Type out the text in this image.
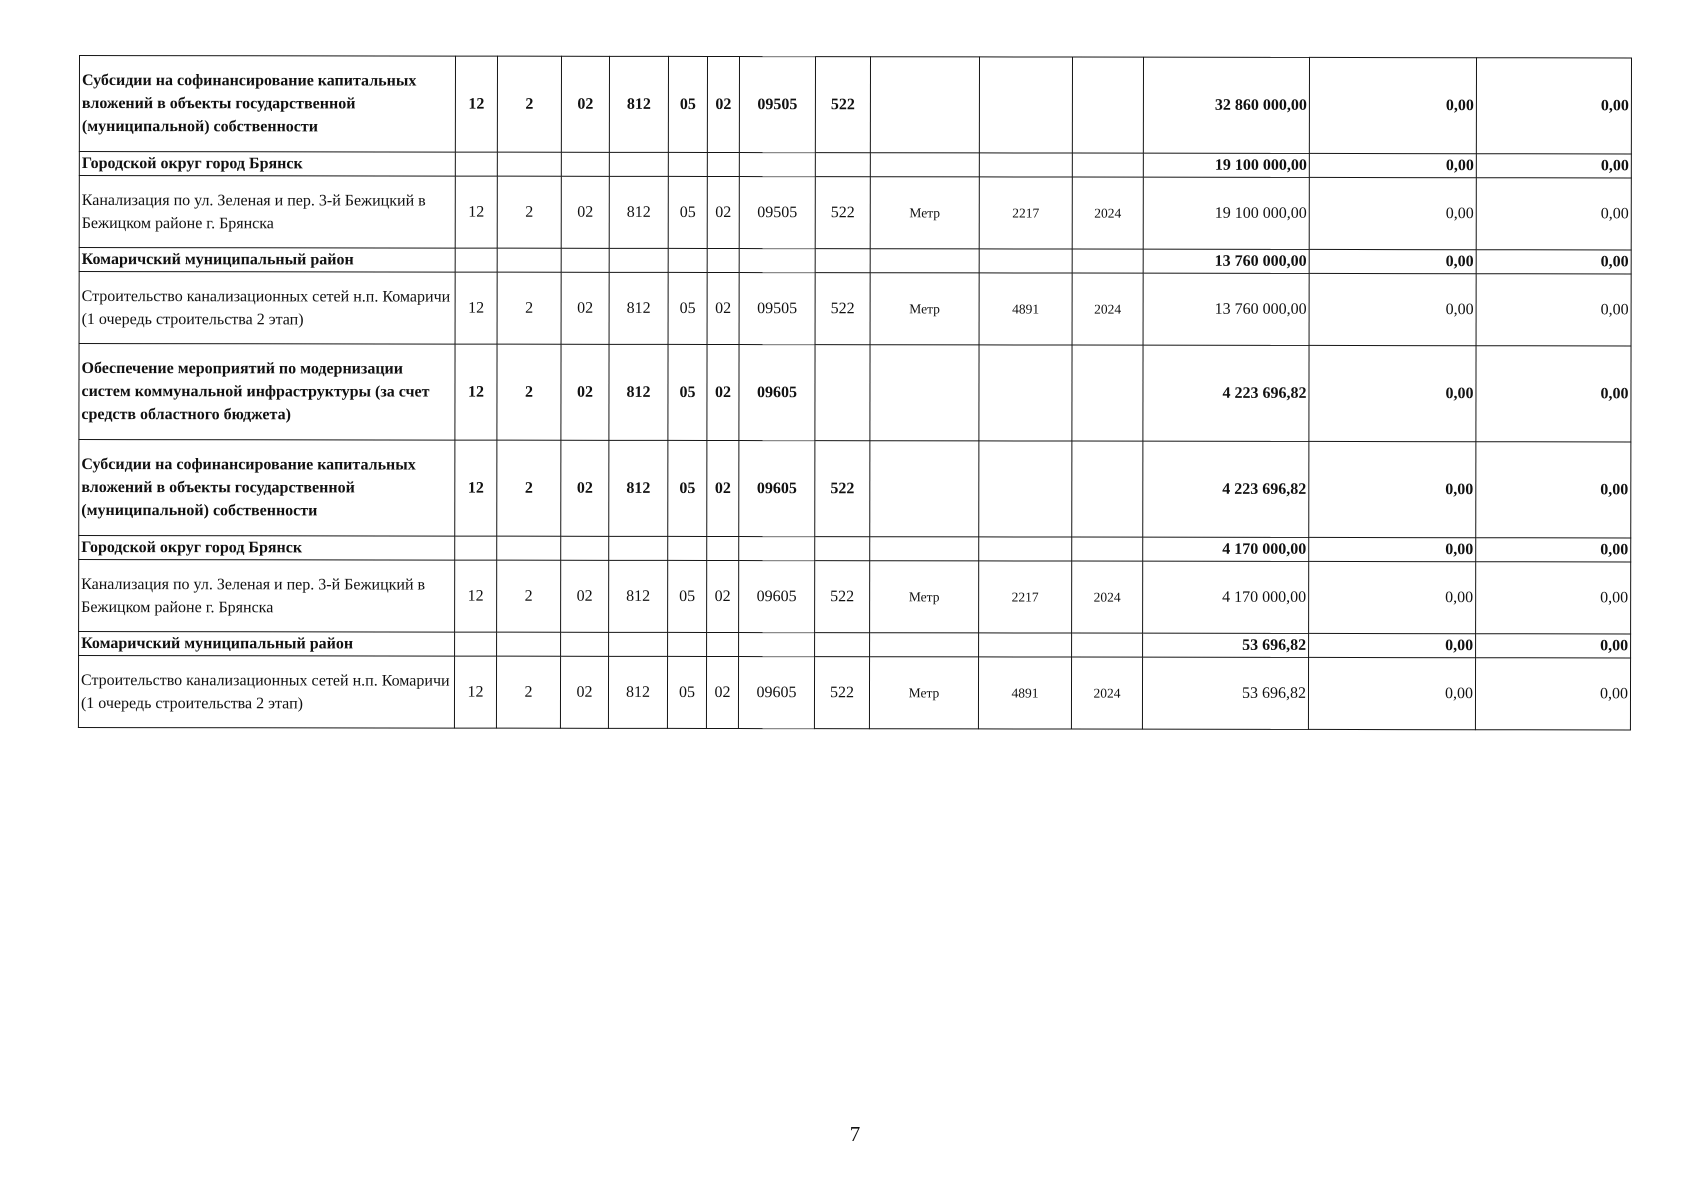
Субсидии на софинансирование капитальных вложений в объекты государственной (муниципальной) собственности	12	2	02	812	05	02	09505	522				32 860 000,00	0,00	0,00
Городской округ город Брянск												19 100 000,00	0,00	0,00
Канализация по ул. Зеленая и пер. 3-й Бежицкий в Бежицком районе г. Брянска	12	2	02	812	05	02	09505	522	Метр	2217	2024	19 100 000,00	0,00	0,00
Комаричский муниципальный район												13 760 000,00	0,00	0,00
Строительство канализационных сетей н.п. Комаричи (1 очередь строительства 2 этап)	12	2	02	812	05	02	09505	522	Метр	4891	2024	13 760 000,00	0,00	0,00
Обеспечение мероприятий по модернизации систем коммунальной инфраструктуры (за счет средств областного бюджета)	12	2	02	812	05	02	09605					4 223 696,82	0,00	0,00
Субсидии на софинансирование капитальных вложений в объекты государственной (муниципальной) собственности	12	2	02	812	05	02	09605	522				4 223 696,82	0,00	0,00
Городской округ город Брянск												4 170 000,00	0,00	0,00
Канализация по ул. Зеленая и пер. 3-й Бежицкий в Бежицком районе г. Брянска	12	2	02	812	05	02	09605	522	Метр	2217	2024	4 170 000,00	0,00	0,00
Комаричский муниципальный район												53 696,82	0,00	0,00
Строительство канализационных сетей н.п. Комаричи (1 очередь строительства 2 этап)	12	2	02	812	05	02	09605	522	Метр	4891	2024	53 696,82	0,00	0,00
7
